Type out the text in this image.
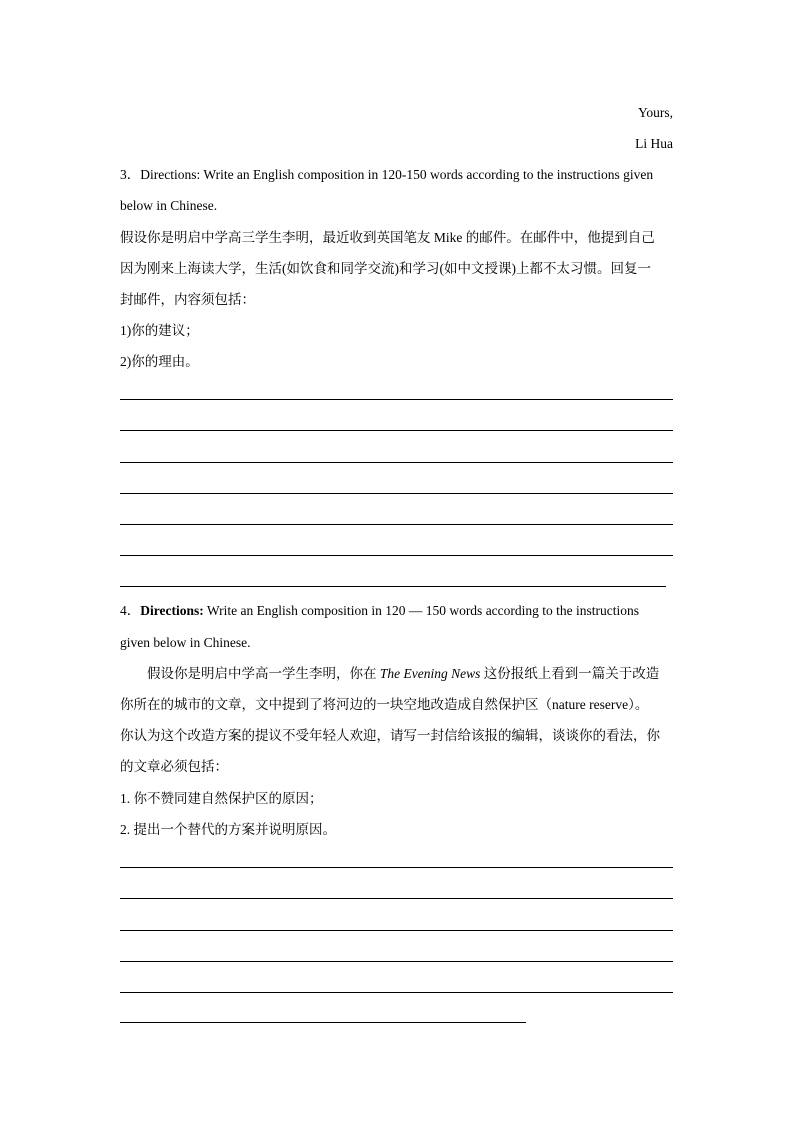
Yours,
Li Hua
3．Directions: Write an English composition in 120-150 words according to the instructions given
below in Chinese.
假设你是明启中学高三学生李明，最近收到英国笔友 Mike 的邮件。在邮件中，他提到自己
因为刚来上海读大学，生活(如饮食和同学交流)和学习(如中文授课)上都不太习惯。回复一
封邮件，内容须包括：
1)你的建议；
2)你的理由。
4．Directions: Write an English composition in 120 — 150 words according to the instructions
given below in Chinese.
假设你是明启中学高一学生李明，你在 The Evening News 这份报纸上看到一篇关于改造
你所在的城市的文章，文中提到了将河边的一块空地改造成自然保护区（nature reserve）。
你认为这个改造方案的提议不受年轻人欢迎，请写一封信给该报的编辑，谈谈你的看法，你
的文章必须包括：
1. 你不赞同建自然保护区的原因；
2. 提出一个替代的方案并说明原因。
